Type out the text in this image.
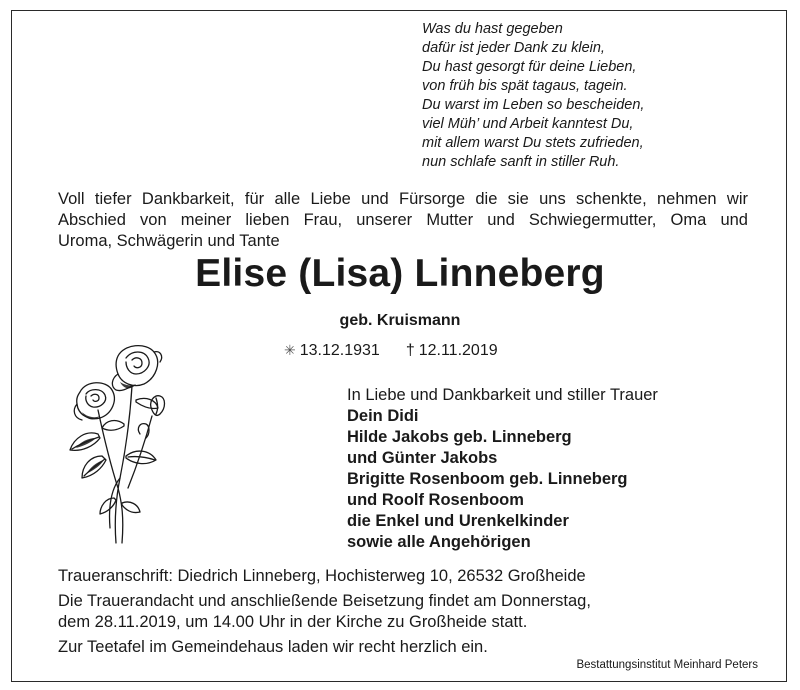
Was du hast gegeben
dafür ist jeder Dank zu klein,
Du hast gesorgt für deine Lieben,
von früh bis spät tagaus, tagein.
Du warst im Leben so bescheiden,
viel Müh’ und Arbeit kanntest Du,
mit allem warst Du stets zufrieden,
nun schlafe sanft in stiller Ruh.
Voll tiefer Dankbarkeit, für alle Liebe und Fürsorge die sie uns schenkte, nehmen wir
Abschied von meiner lieben Frau, unserer Mutter und Schwiegermutter, Oma und
Uroma, Schwägerin und Tante
Elise (Lisa) Linneberg
geb. Kruismann
✳ 13.12.1931 † 12.11.2019
In Liebe und Dankbarkeit und stiller Trauer
Dein Didi
Hilde Jakobs geb. Linneberg
und Günter Jakobs
Brigitte Rosenboom geb. Linneberg
und Roolf Rosenboom
die Enkel und Urenkelkinder
sowie alle Angehörigen
Traueranschrift: Diedrich Linneberg, Hochisterweg 10, 26532 Großheide
Die Trauerandacht und anschließende Beisetzung findet am Donnerstag,
dem 28.11.2019, um 14.00 Uhr in der Kirche zu Großheide statt.
Zur Teetafel im Gemeindehaus laden wir recht herzlich ein.
Bestattungsinstitut Meinhard Peters
